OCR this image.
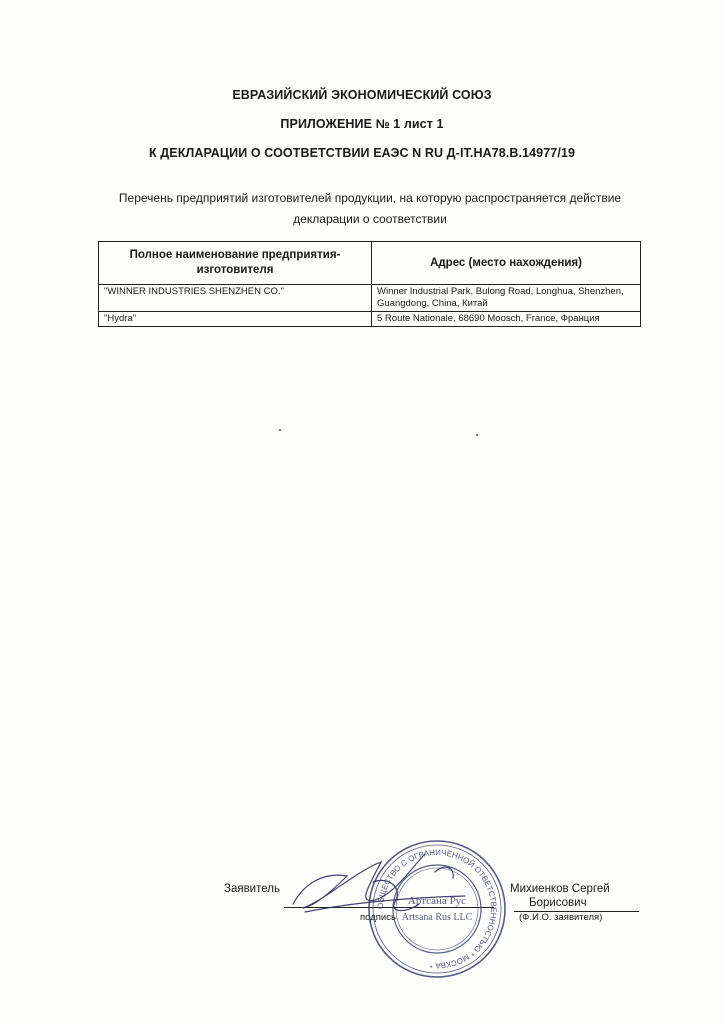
ЕВРАЗИЙСКИЙ ЭКОНОМИЧЕСКИЙ СОЮЗ
ПРИЛОЖЕНИЕ № 1 лист 1
К ДЕКЛАРАЦИИ О СООТВЕТСТВИИ ЕАЭС N RU Д-IT.НА78.В.14977/19
Перечень предприятий изготовителей продукции, на которую распространяется действие декларации о соответствии
Полное наименование предприятия-изготовителя	Адрес (место нахождения)
"WINNER INDUSTRIES SHENZHEN CO."	Winner Industrial Park, Bulong Road, Longhua, Shenzhen, Guangdong, China, Китай
"Hydra"	5 Route Nationale, 68690 Moosch, France, Франция
Заявитель
подпись
Михиенков Сергей
Борисович
(Ф.И.О. заявителя)
ОБЩЕСТВО С ОГРАНИЧЕННОЙ ОТВЕТСТВЕННОСТЬЮ * МОСКВА *
Артсана Рус
Artsana Rus LLC
